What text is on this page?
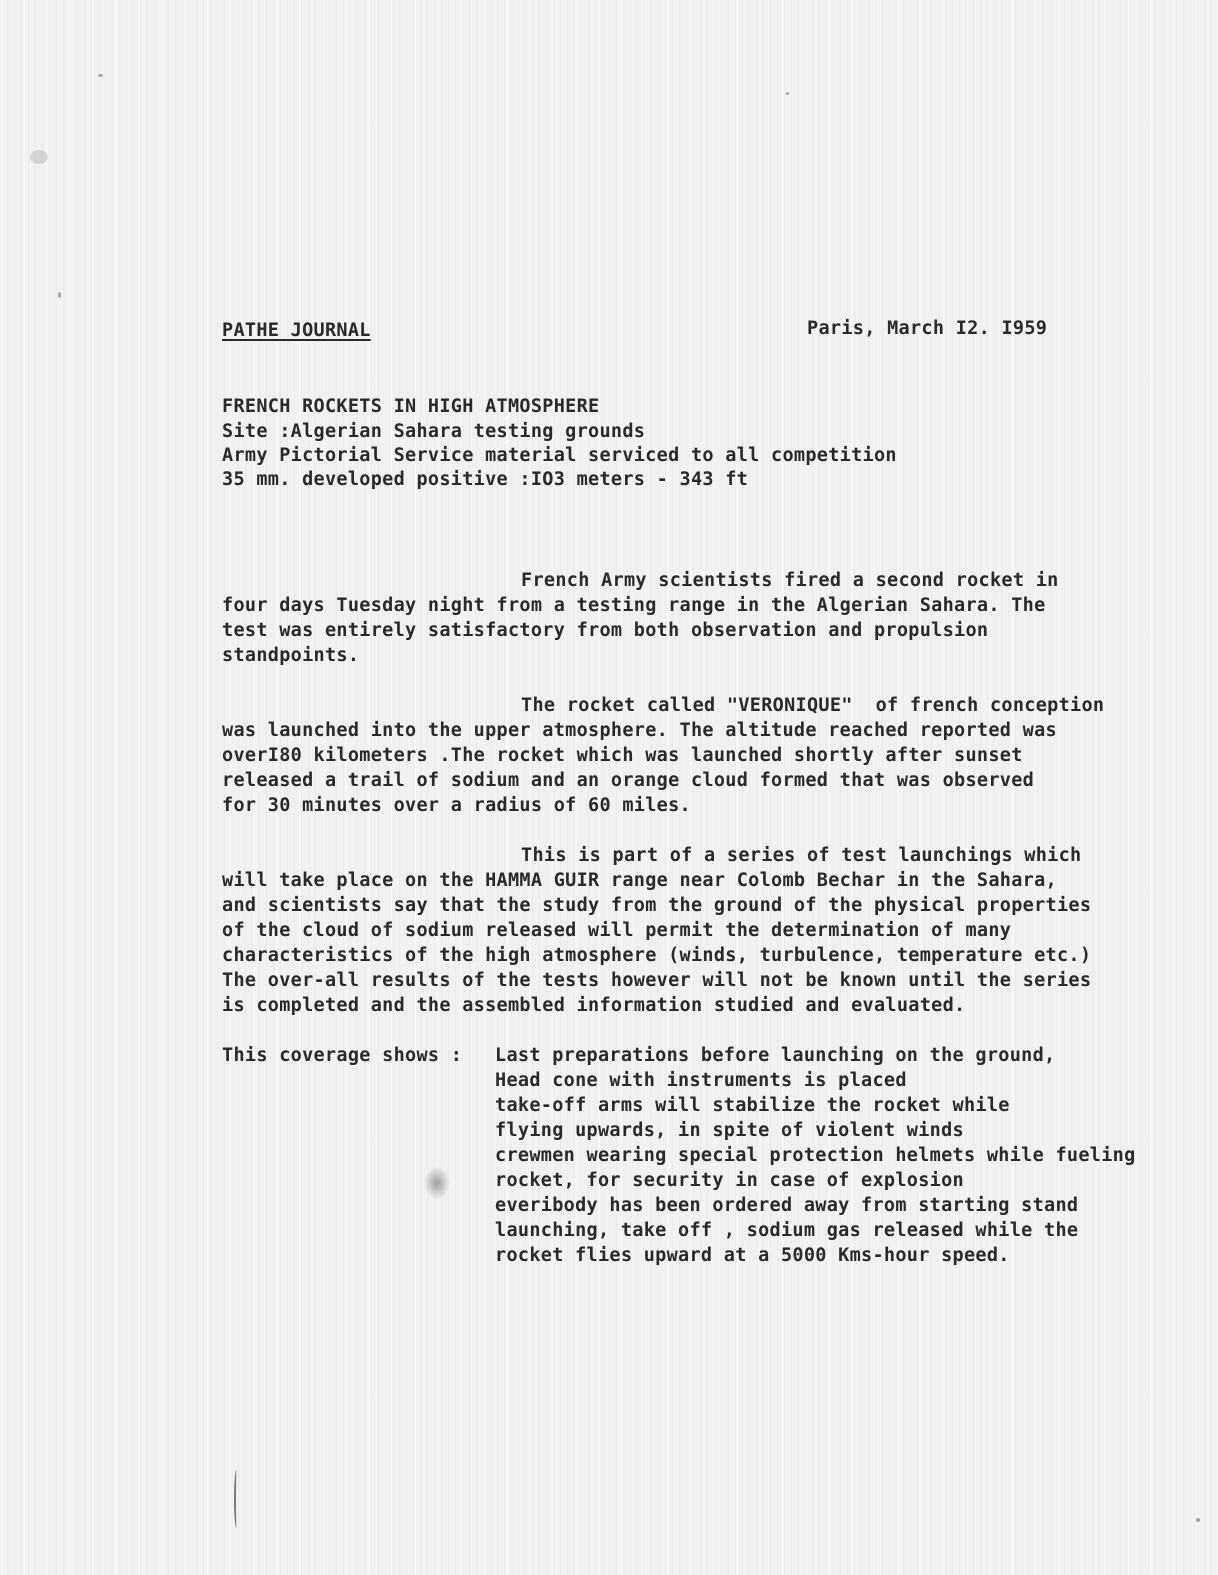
PATHE JOURNAL	Paris, March I2. I959
FRENCH ROCKETS IN HIGH ATMOSPHERE
Site :Algerian Sahara testing grounds
Army Pictorial Service material serviced to all competition
35 mm. developed positive :IO3 meters - 343 ft
French Army scientists fired a second rocket in
four days Tuesday night from a testing range in the Algerian Sahara. The
test was entirely satisfactory from both observation and propulsion
standpoints.
The rocket called "VERONIQUE"  of french conception
was launched into the upper atmosphere. The altitude reached reported was
overI80 kilometers .The rocket which was launched shortly after sunset
released a trail of sodium and an orange cloud formed that was observed
for 30 minutes over a radius of 60 miles.
This is part of a series of test launchings which
will take place on the HAMMA GUIR range near Colomb Bechar in the Sahara,
and scientists say that the study from the ground of the physical properties
of the cloud of sodium released will permit the determination of many
characteristics of the high atmosphere (winds, turbulence, temperature etc.)
The over-all results of the tests however will not be known until the series
is completed and the assembled information studied and evaluated.
This coverage shows : Last preparations before launching on the ground,
Head cone with instruments is placed
take-off arms will stabilize the rocket while
flying upwards, in spite of violent winds
crewmen wearing special protection helmets while fueling
rocket, for security in case of explosion
everibody has been ordered away from starting stand
launching, take off , sodium gas released while the
rocket flies upward at a 5000 Kms-hour speed.
